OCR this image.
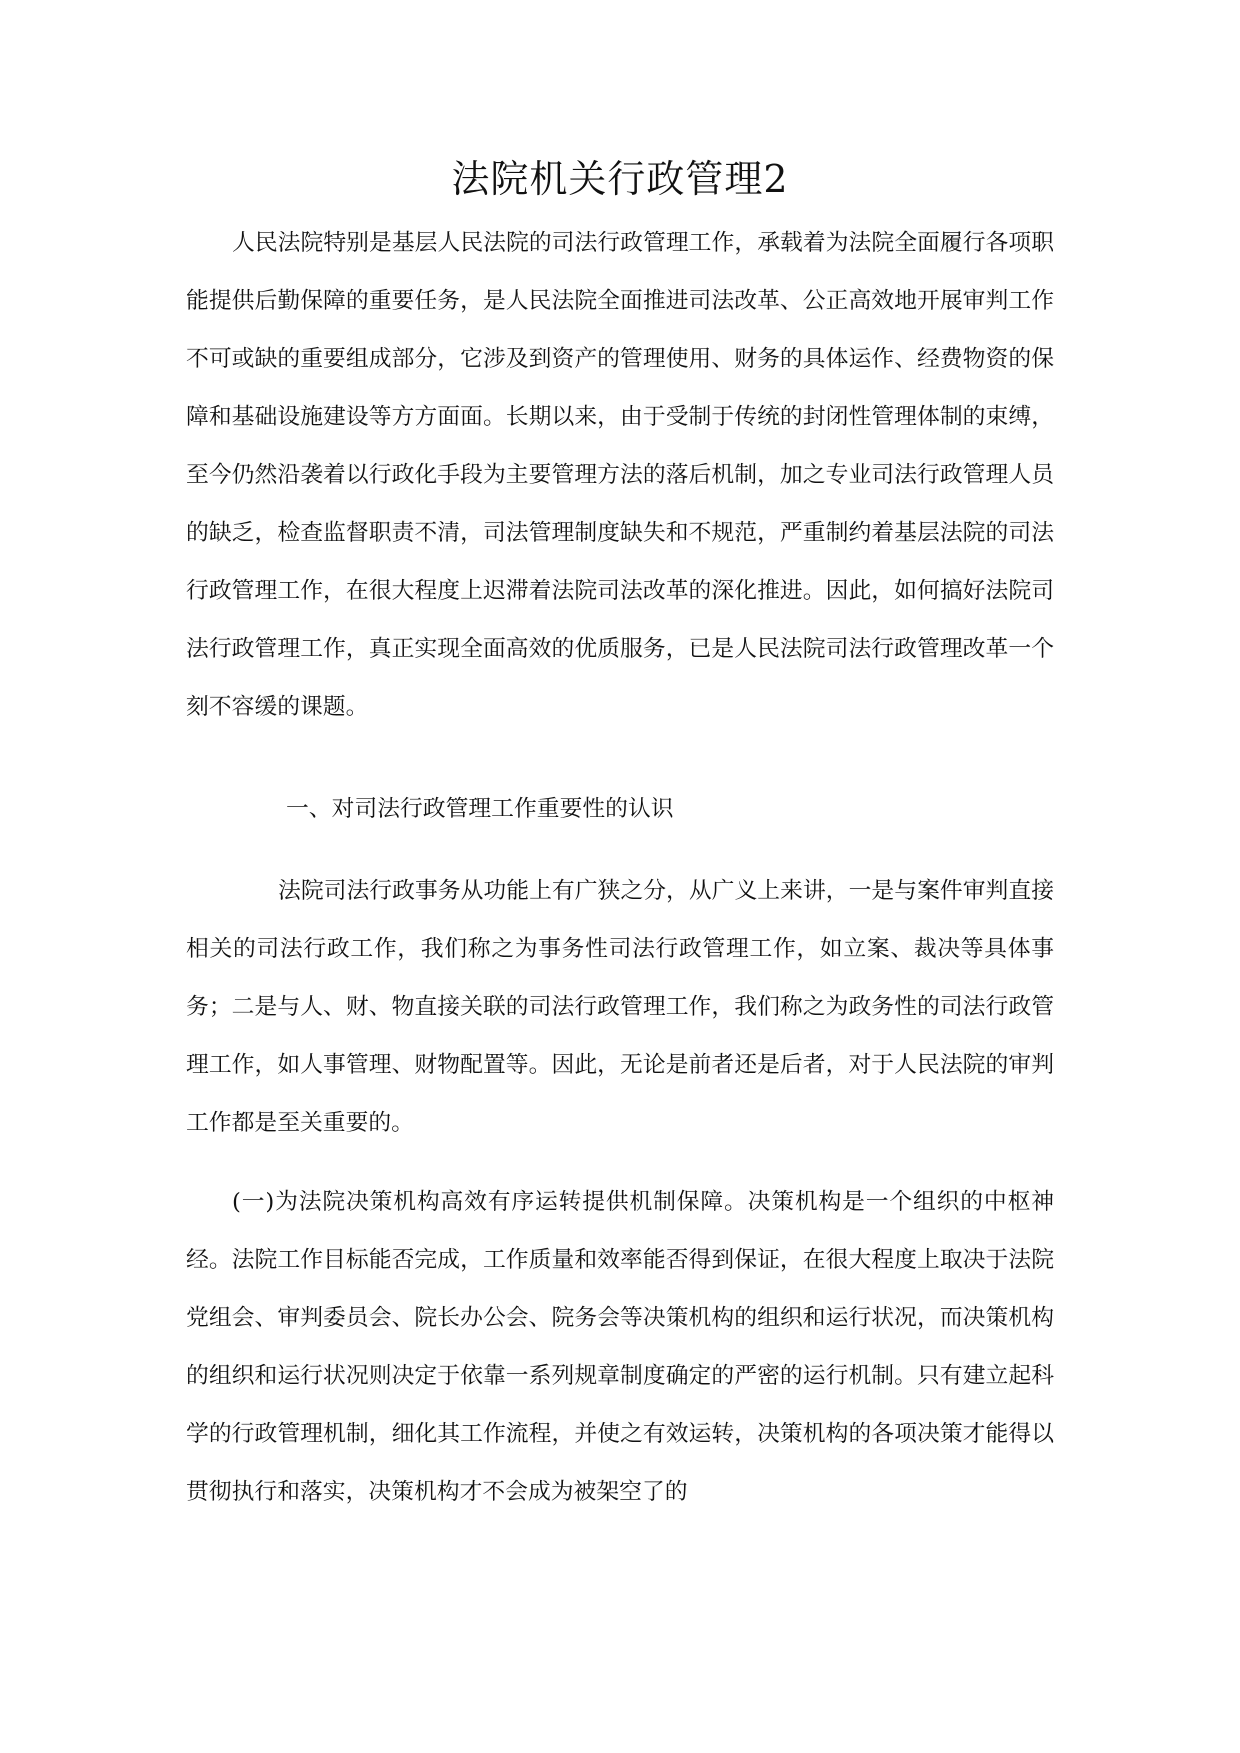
法院机关行政管理2

人民法院特别是基层人民法院的司法行政管理工作，承载着为法院全面履行各项职能提供后勤保障的重要任务，是人民法院全面推进司法改革、公正高效地开展审判工作不可或缺的重要组成部分，它涉及到资产的管理使用、财务的具体运作、经费物资的保障和基础设施建设等方方面面。长期以来，由于受制于传统的封闭性管理体制的束缚，至今仍然沿袭着以行政化手段为主要管理方法的落后机制，加之专业司法行政管理人员的缺乏，检查监督职责不清，司法管理制度缺失和不规范，严重制约着基层法院的司法行政管理工作，在很大程度上迟滞着法院司法改革的深化推进。因此，如何搞好法院司法行政管理工作，真正实现全面高效的优质服务，已是人民法院司法行政管理改革一个刻不容缓的课题。

一、对司法行政管理工作重要性的认识

法院司法行政事务从功能上有广狭之分，从广义上来讲，一是与案件审判直接相关的司法行政工作，我们称之为事务性司法行政管理工作，如立案、裁决等具体事务；二是与人、财、物直接关联的司法行政管理工作，我们称之为政务性的司法行政管理工作，如人事管理、财物配置等。因此，无论是前者还是后者，对于人民法院的审判工作都是至关重要的。

(一)为法院决策机构高效有序运转提供机制保障。决策机构是一个组织的中枢神经。法院工作目标能否完成，工作质量和效率能否得到保证，在很大程度上取决于法院党组会、审判委员会、院长办公会、院务会等决策机构的组织和运行状况，而决策机构的组织和运行状况则决定于依靠一系列规章制度确定的严密的运行机制。只有建立起科学的行政管理机制，细化其工作流程，并使之有效运转，决策机构的各项决策才能得以贯彻执行和落实，决策机构才不会成为被架空了的
